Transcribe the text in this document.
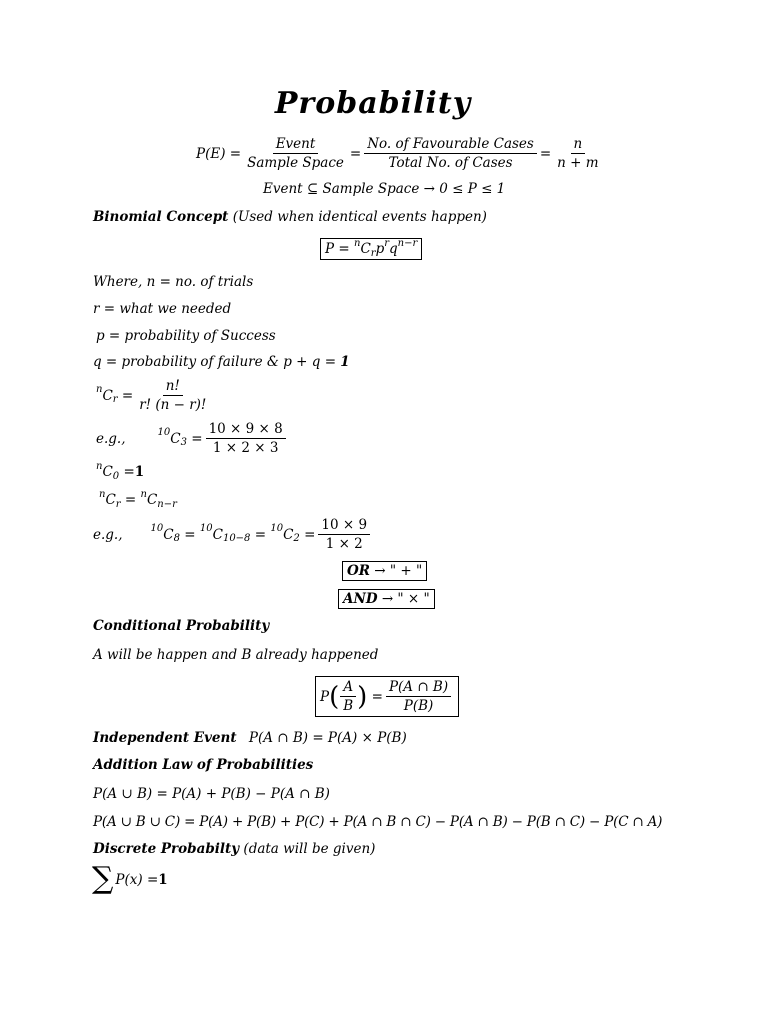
Probability
$P(E) = \frac{\text{Event}}{\text{Sample Space}} = \frac{\text{No. of Favourable Cases}}{\text{Total No. of Cases}} = \frac{n}{n + m}$
Event ⊆ Sample Space → 0 ≤ P ≤ 1
Binomial Concept (Used when identical events happen)
P =
n C r p r q n−r
Where, n = no. of trials
r = what we needed
p = probability of Success
q = probability of failure & p + q = 1
n C r
= $\frac{n!}{r! (n - r)!}$
e.g.,	10 C 3
= $\frac{10 \times 9 \times 8}{1 \times 2 \times 3}$
n C 0
= 1
n C r
=
n C n−r
e.g.,	10 C 8
=
10 C 10−8
=
10 C 2
= $\frac{10 \times 9}{1 \times 2}$
OR → " + "
AND → " × "
Conditional Probability
A will be happen and B already happened
P ( $\frac{A}{B}$ )
= $\frac{P(A \cap B)}{P(B)}$
Independent Event P(A ∩ B) = P(A) × P(B)
Addition Law of Probabilities
P(A ∪ B) = P(A) + P(B) − P(A ∩ B)
P(A ∪ B ∪ C) = P(A) + P(B) + P(C) + P(A ∩ B ∩ C) − P(A ∩ B) − P(B ∩ C) − P(C ∩ A)
Discrete Probabilty (data will be given)
∑ P(x) = 1
